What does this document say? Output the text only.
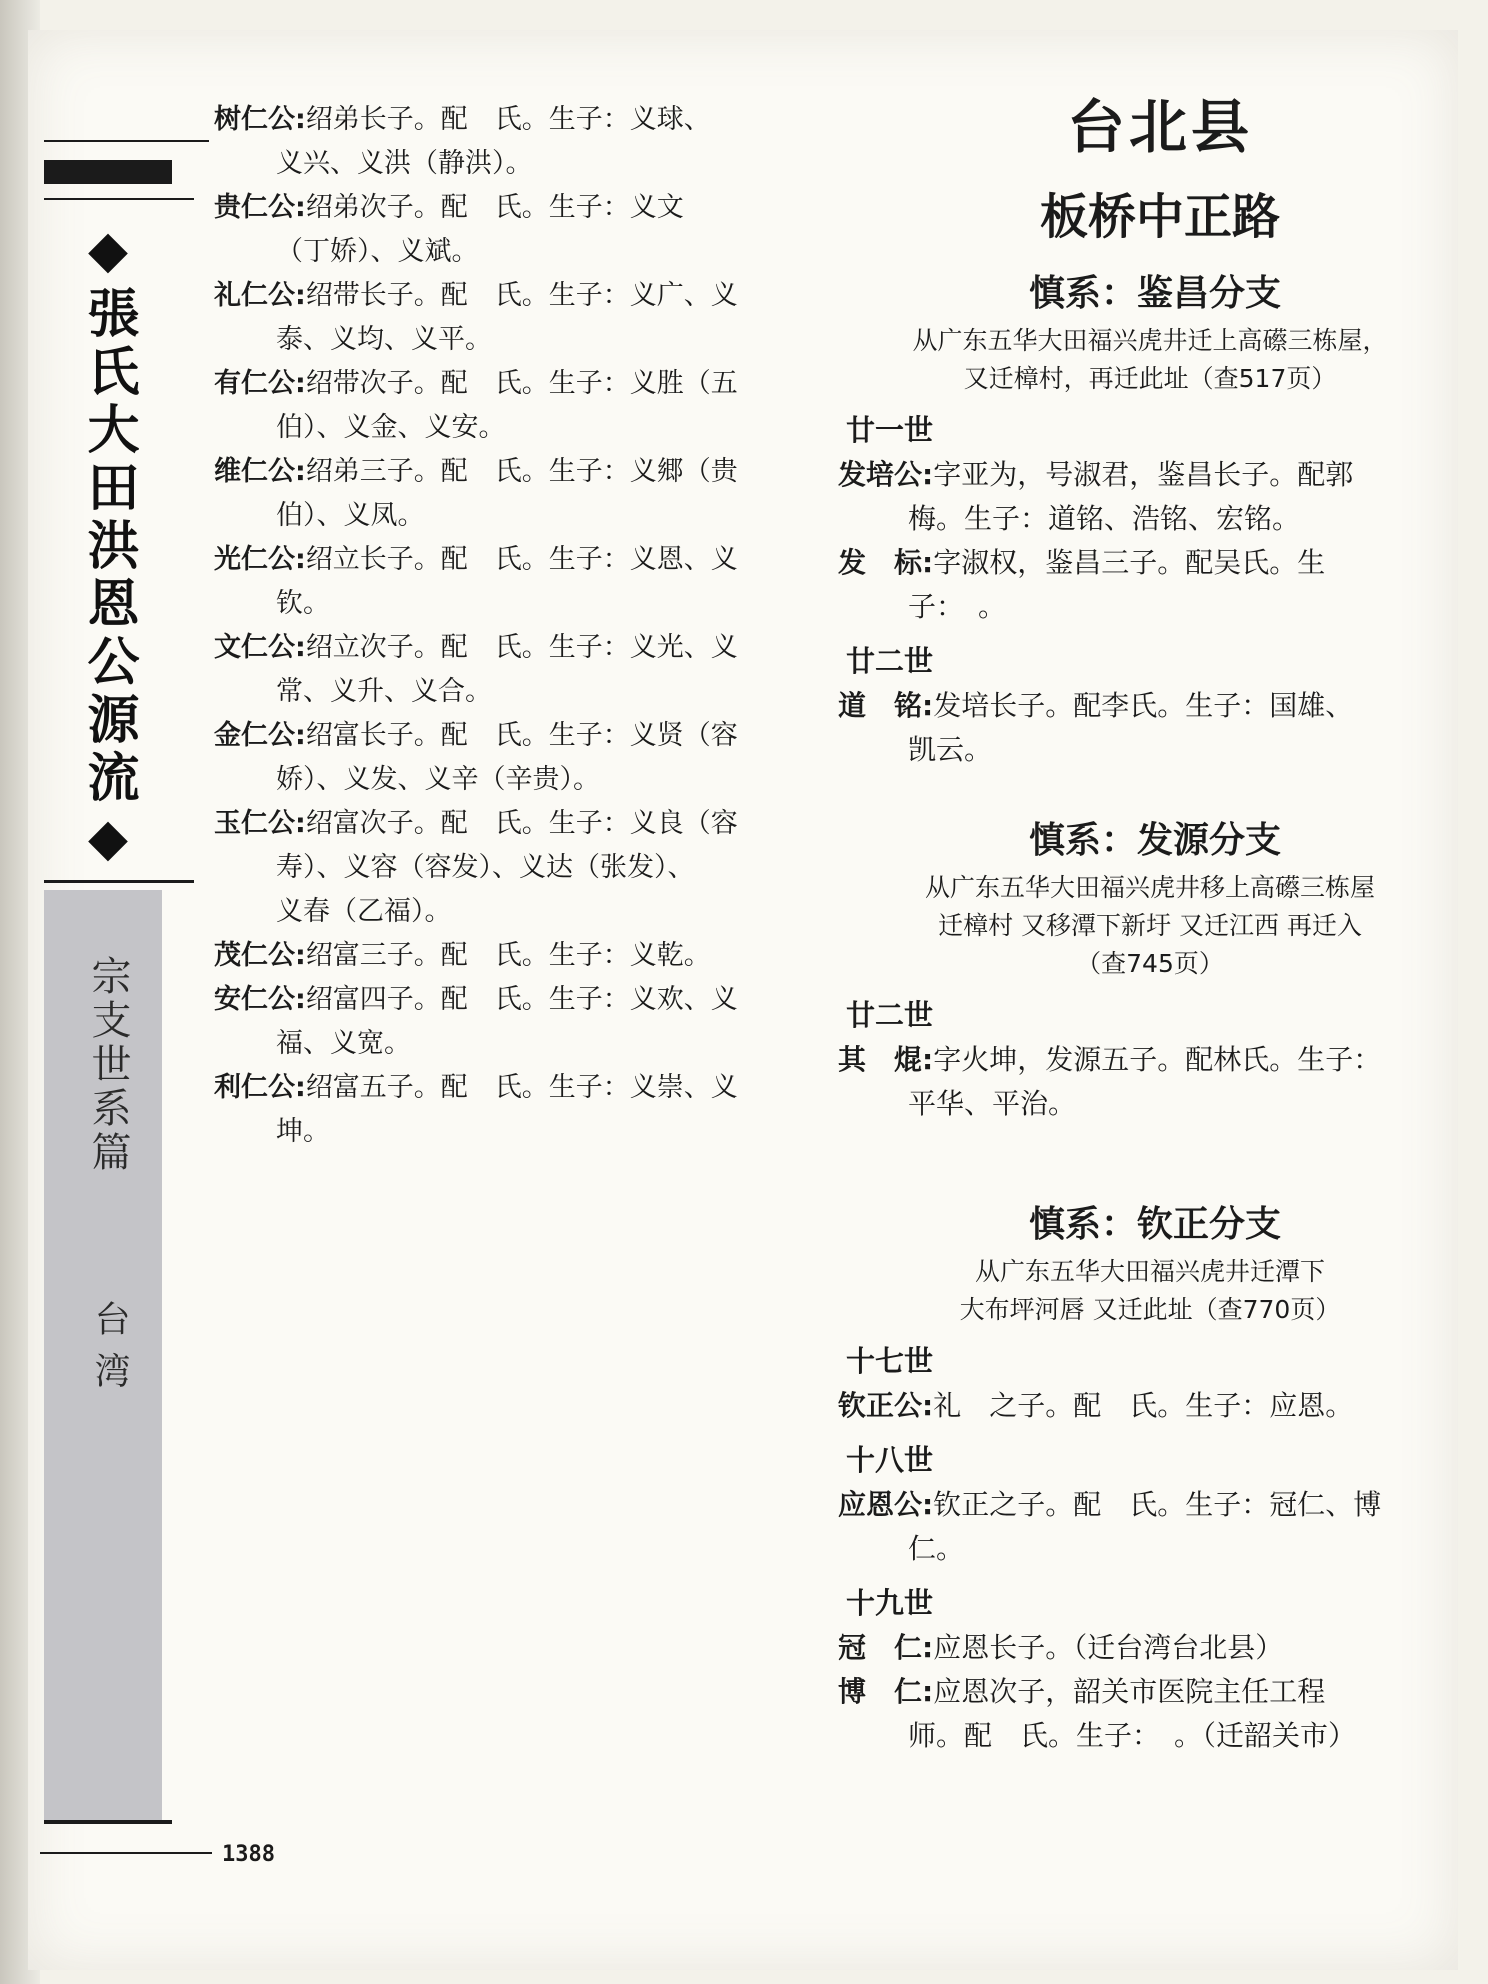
◆張氏大田洪恩公源流◆
宗支世系篇
台湾
1388
树仁公:绍弟长子。配　氏。生子：义球、
义兴、义洪（静洪）。
贵仁公:绍弟次子。配　氏。生子：义文
（丁娇）、义斌。
礼仁公:绍带长子。配　氏。生子：义广、义
泰、义均、义平。
有仁公:绍带次子。配　氏。生子：义胜（五
伯）、义金、义安。
维仁公:绍弟三子。配　氏。生子：义郷（贵
伯）、义凤。
光仁公:绍立长子。配　氏。生子：义恩、义
钦。
文仁公:绍立次子。配　氏。生子：义光、义
常、义升、义合。
金仁公:绍富长子。配　氏。生子：义贤（容
娇）、义发、义辛（辛贵）。
玉仁公:绍富次子。配　氏。生子：义良（容
寿）、义容（容发）、义达（张发）、
义春（乙福）。
茂仁公:绍富三子。配　氏。生子：义乾。
安仁公:绍富四子。配　氏。生子：义欢、义
福、义宽。
利仁公:绍富五子。配　氏。生子：义崇、义
坤。
台北县
板桥中正路
慎系：鉴昌分支
从广东五华大田福兴虎井迁上高礤三栋屋，
又迁樟村，再迁此址（查517页）
廿一世
发培公:字亚为，号淑君，鉴昌长子。配郭
梅。生子：道铭、浩铭、宏铭。
发　标:字淑权，鉴昌三子。配吴氏。生
子：　。
廿二世
道　铭:发培长子。配李氏。生子：国雄、
凯云。
慎系：发源分支
从广东五华大田福兴虎井移上高礤三栋屋
迁樟村 又移潭下新圩 又迁江西 再迁入
（查745页）
廿二世
其　焜:字火坤，发源五子。配林氏。生子：
平华、平治。
慎系：钦正分支
从广东五华大田福兴虎井迁潭下
大布坪河唇 又迁此址（查770页）
十七世
钦正公:礼　之子。配　氏。生子：应恩。
十八世
应恩公:钦正之子。配　氏。生子：冠仁、博
仁。
十九世
冠　仁:应恩长子。（迁台湾台北县）
博　仁:应恩次子，韶关市医院主任工程
师。配　氏。生子：　。（迁韶关市）
